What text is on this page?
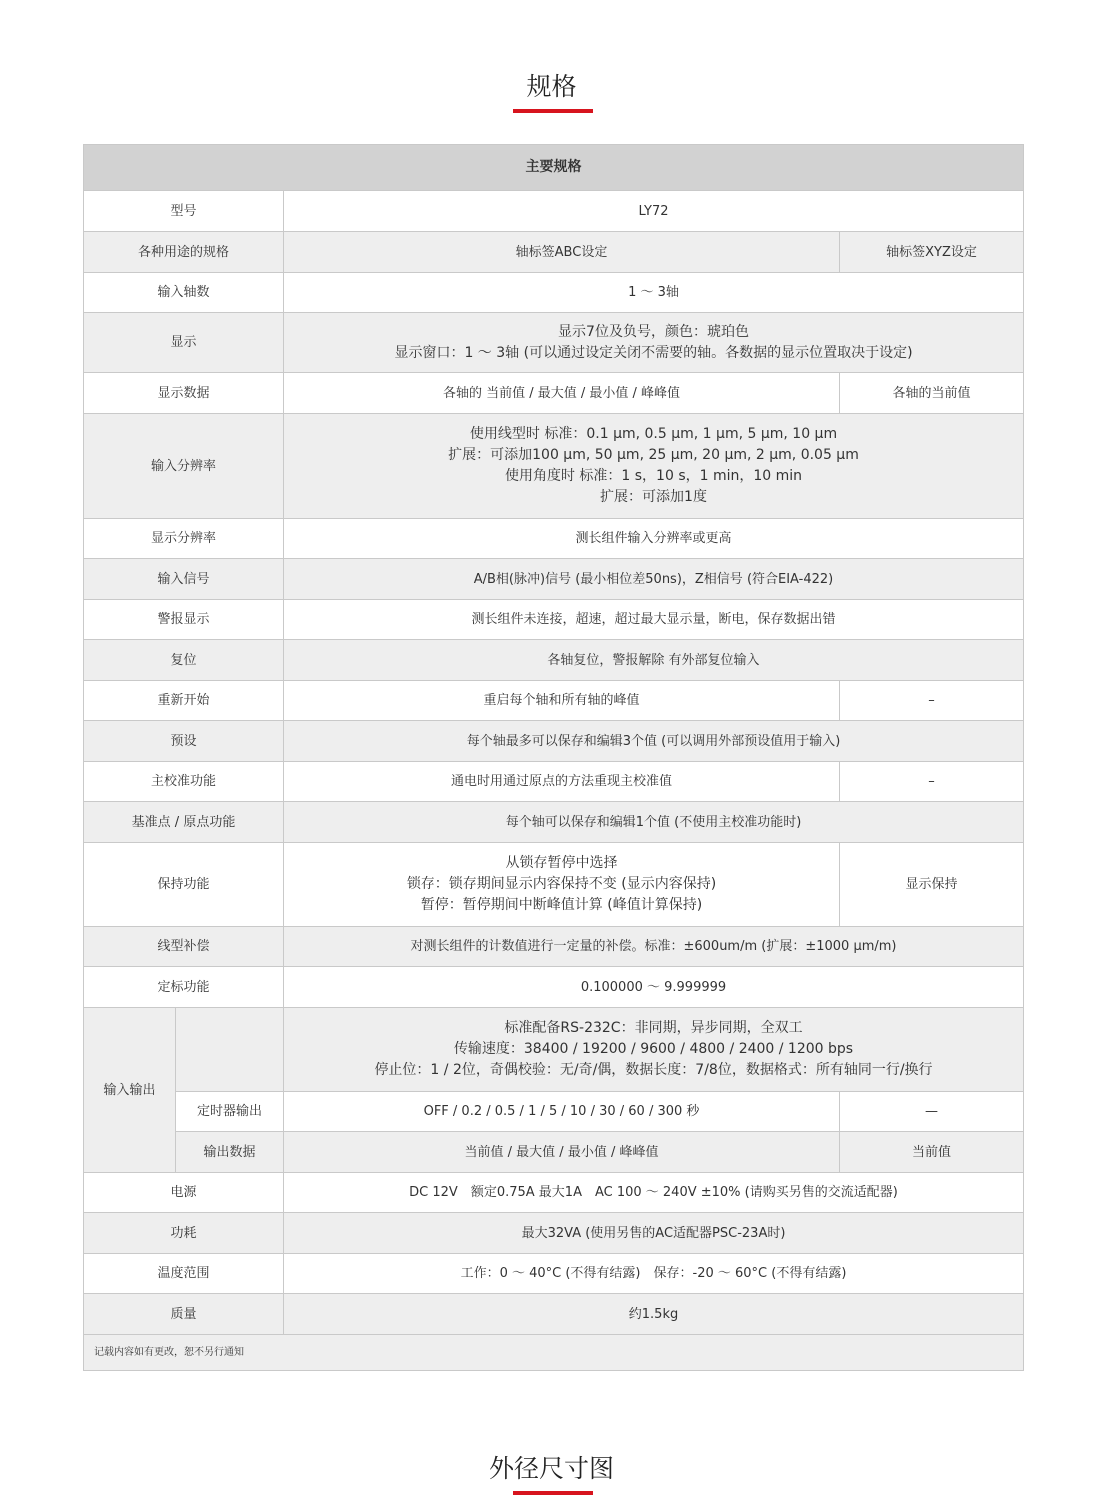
规格
主要规格			
型号		LY72	
各种用途的规格		轴标签ABC设定	轴标签XYZ设定
输入轴数		1 ～ 3轴	
显示		显示7位及负号，颜色：琥珀色
显示窗口：1 ～ 3轴 (可以通过设定关闭不需要的轴。各数据的显示位置取决于设定)	

显示数据		各轴的 当前值 / 最大值 / 最小值 / 峰峰值	各轴的当前值
输入分辨率		使用线型时 标准：0.1 µm, 0.5 µm, 1 µm, 5 µm, 10 µm
扩展：可添加100 µm, 50 µm, 25 µm, 20 µm, 2 µm, 0.05 µm
使用角度时 标准：1 s，10 s，1 min，10 min
扩展：可添加1度	

显示分辨率		测长组件输入分辨率或更高	
输入信号		A/B相(脉冲)信号 (最小相位差50ns)，Z相信号 (符合EIA-422)	
警报显示		测长组件未连接，超速，超过最大显示量，断电，保存数据出错	
复位		各轴复位，警报解除 有外部复位输入	
重新开始		重启每个轴和所有轴的峰值	–
预设		每个轴最多可以保存和编辑3个值 (可以调用外部预设值用于输入)	
主校准功能		通电时用通过原点的方法重现主校准值	–
基准点 / 原点功能		每个轴可以保存和编辑1个值 (不使用主校准功能时)	
保持功能		从锁存暂停中选择
锁存：锁存期间显示内容保持不变 (显示内容保持)
暂停：暂停期间中断峰值计算 (峰值计算保持)	显示保持
线型补偿		对测长组件的计数值进行一定量的补偿。标准：±600um/m (扩展：±1000 µm/m)	
定标功能		0.100000 ～ 9.999999	
输入输出		标准配备RS-232C：非同期，异步同期，全双工
传输速度：38400 / 19200 / 9600 / 4800 / 2400 / 1200 bps
停止位：1 / 2位，奇偶校验：无/奇/偶，数据长度：7/8位，数据格式：所有轴同一行/换行	

	定时器输出	OFF / 0.2 / 0.5 / 1 / 5 / 10 / 30 / 60 / 300 秒	—
	输出数据	当前值 / 最大值 / 最小值 / 峰峰值	当前值
电源		DC 12V　额定0.75A 最大1A　AC 100 ～ 240V ±10% (请购买另售的交流适配器)	
功耗		最大32VA (使用另售的AC适配器PSC-23A时)	
温度范围		工作：0 ～ 40°C (不得有结露)　保存：-20 ～ 60°C (不得有结露)	
质量		约1.5kg	
记载内容如有更改，恕不另行通知			
外径尺寸图
